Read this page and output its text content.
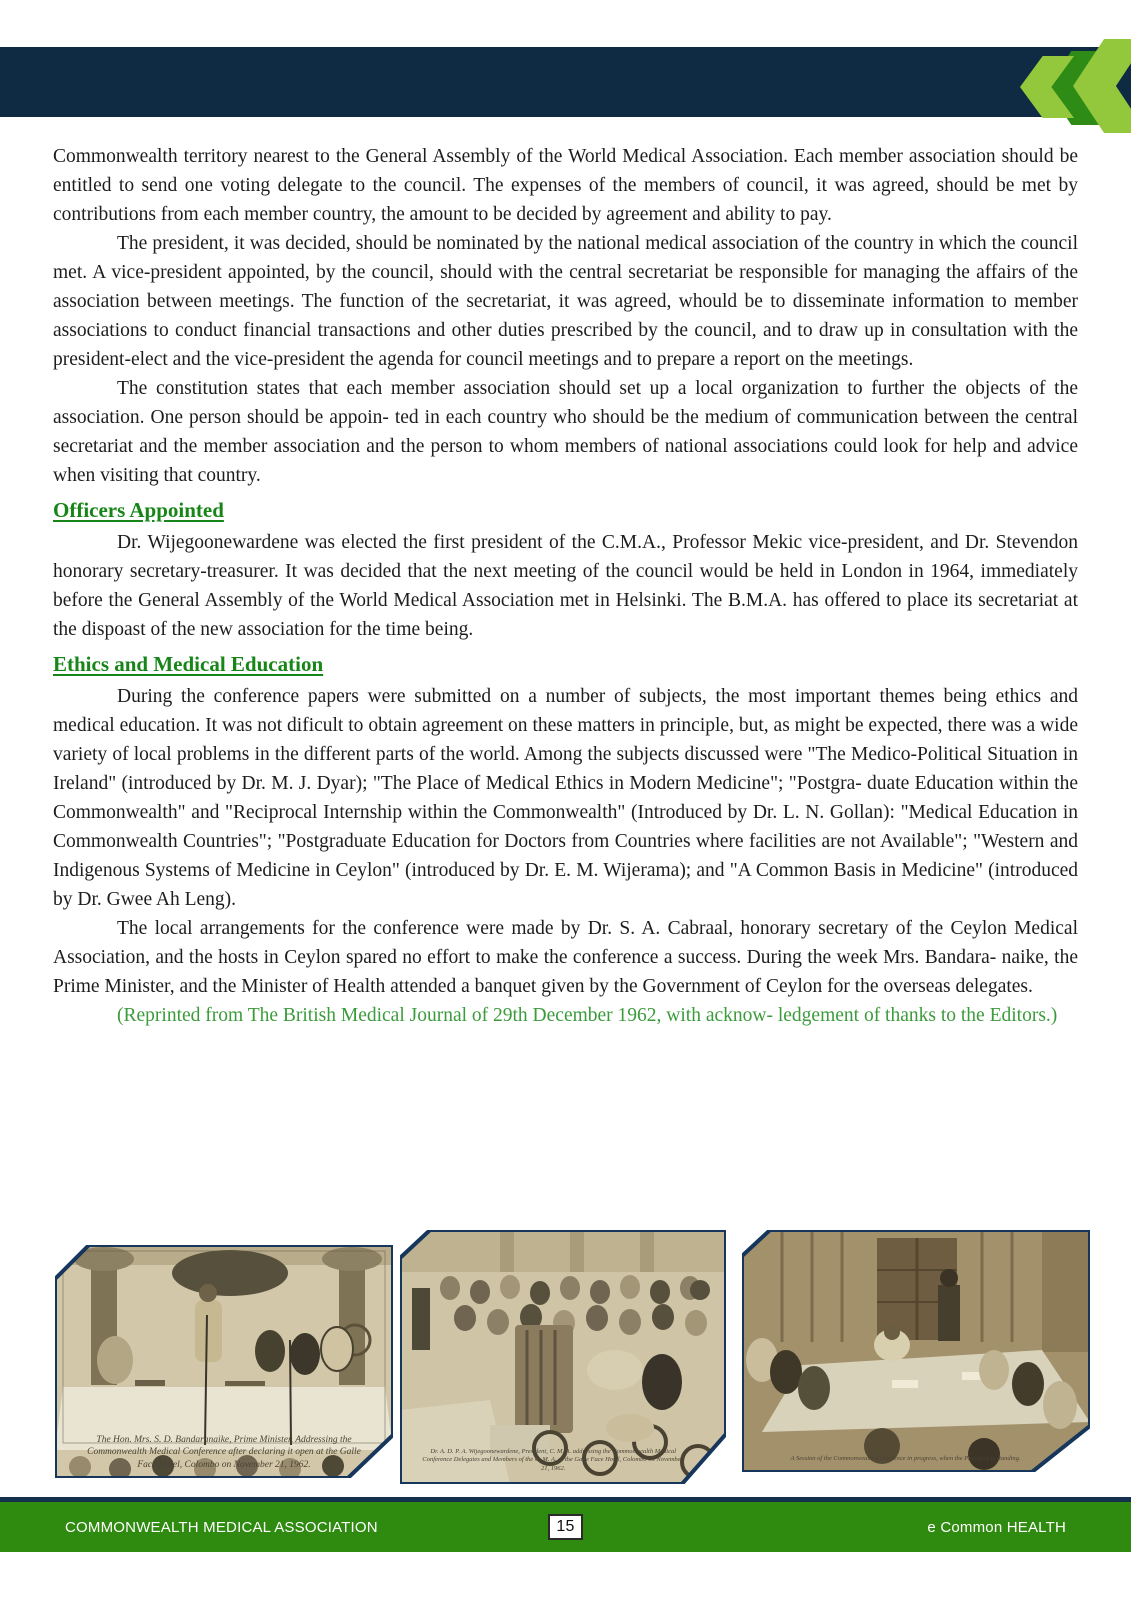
Commonwealth territory nearest to the General Assembly of the World Medical Association. Each member association should be entitled to send one voting delegate to the council. The expenses of the members of council, it was agreed, should be met by contributions from each member country, the amount to be decided by agreement and ability to pay.

The president, it was decided, should be nominated by the national medical association of the country in which the council met. A vice-president appointed, by the council, should with the central secretariat be responsible for managing the affairs of the association between meetings. The function of the secretariat, it was agreed, whould be to disseminate information to member associations to conduct financial transactions and other duties prescribed by the council, and to draw up in consultation with the president-elect and the vice-president the agenda for council meetings and to prepare a report on the meetings.

The constitution states that each member association should set up a local organization to further the objects of the association. One person should be appoin- ted in each country who should be the medium of communication between the central secretariat and the member association and the person to whom members of national associations could look for help and advice when visiting that country.

Officers Appointed

Dr. Wijegoonewardene was elected the first president of the C.M.A., Professor Mekic vice-president, and Dr. Stevendon honorary secretary-treasurer. It was decided that the next meeting of the council would be held in London in 1964, immediately before the General Assembly of the World Medical Association met in Helsinki. The B.M.A. has offered to place its secretariat at the dispoast of the new association for the time being.

Ethics and Medical Education

During the conference papers were submitted on a number of subjects, the most important themes being ethics and medical education. It was not dificult to obtain agreement on these matters in principle, but, as might be expected, there was a wide variety of local problems in the different parts of the world. Among the subjects discussed were "The Medico-Political Situation in Ireland" (introduced by Dr. M. J. Dyar); "The Place of Medical Ethics in Modern Medicine"; "Postgra- duate Education within the Commonwealth" and "Reciprocal Internship within the Commonwealth" (Introduced by Dr. L. N. Gollan): "Medical Education in Commonwealth Countries"; "Postgraduate Education for Doctors from Countries where facilities are not Available"; "Western and Indigenous Systems of Medicine in Ceylon" (introduced by Dr. E. M. Wijerama); and "A Common Basis in Medicine" (introduced by Dr. Gwee Ah Leng).

The local arrangements for the conference were made by Dr. S. A. Cabraal, honorary secretary of the Ceylon Medical Association, and the hosts in Ceylon spared no effort to make the conference a success. During the week Mrs. Bandara- naike, the Prime Minister, and the Minister of Health attended a banquet given by the Government of Ceylon for the overseas delegates.

(Reprinted from The British Medical Journal of 29th December 1962, with acknow- ledgement of thanks to the Editors.)

The Hon. Mrs. S. D. Bandaranaike, Prime Minister, Addressing the Commonwealth Medical Conference after declaring it open at the Galle Face Hotel, Colombo on November 21, 1962.
Dr. A. D. P. A. Wijegoonewardene, President, C. M. A. addressing the Commonwealth Medical Conference Delegates and Members of the C. M. A. at the Galle Face Hotel, Colombo on November, 21, 1962.
A Session of the Commonwealth Conference in progress, when the President is standing.
COMMONWEALTH MEDICAL ASSOCIATION	15	e Common HEALTH
